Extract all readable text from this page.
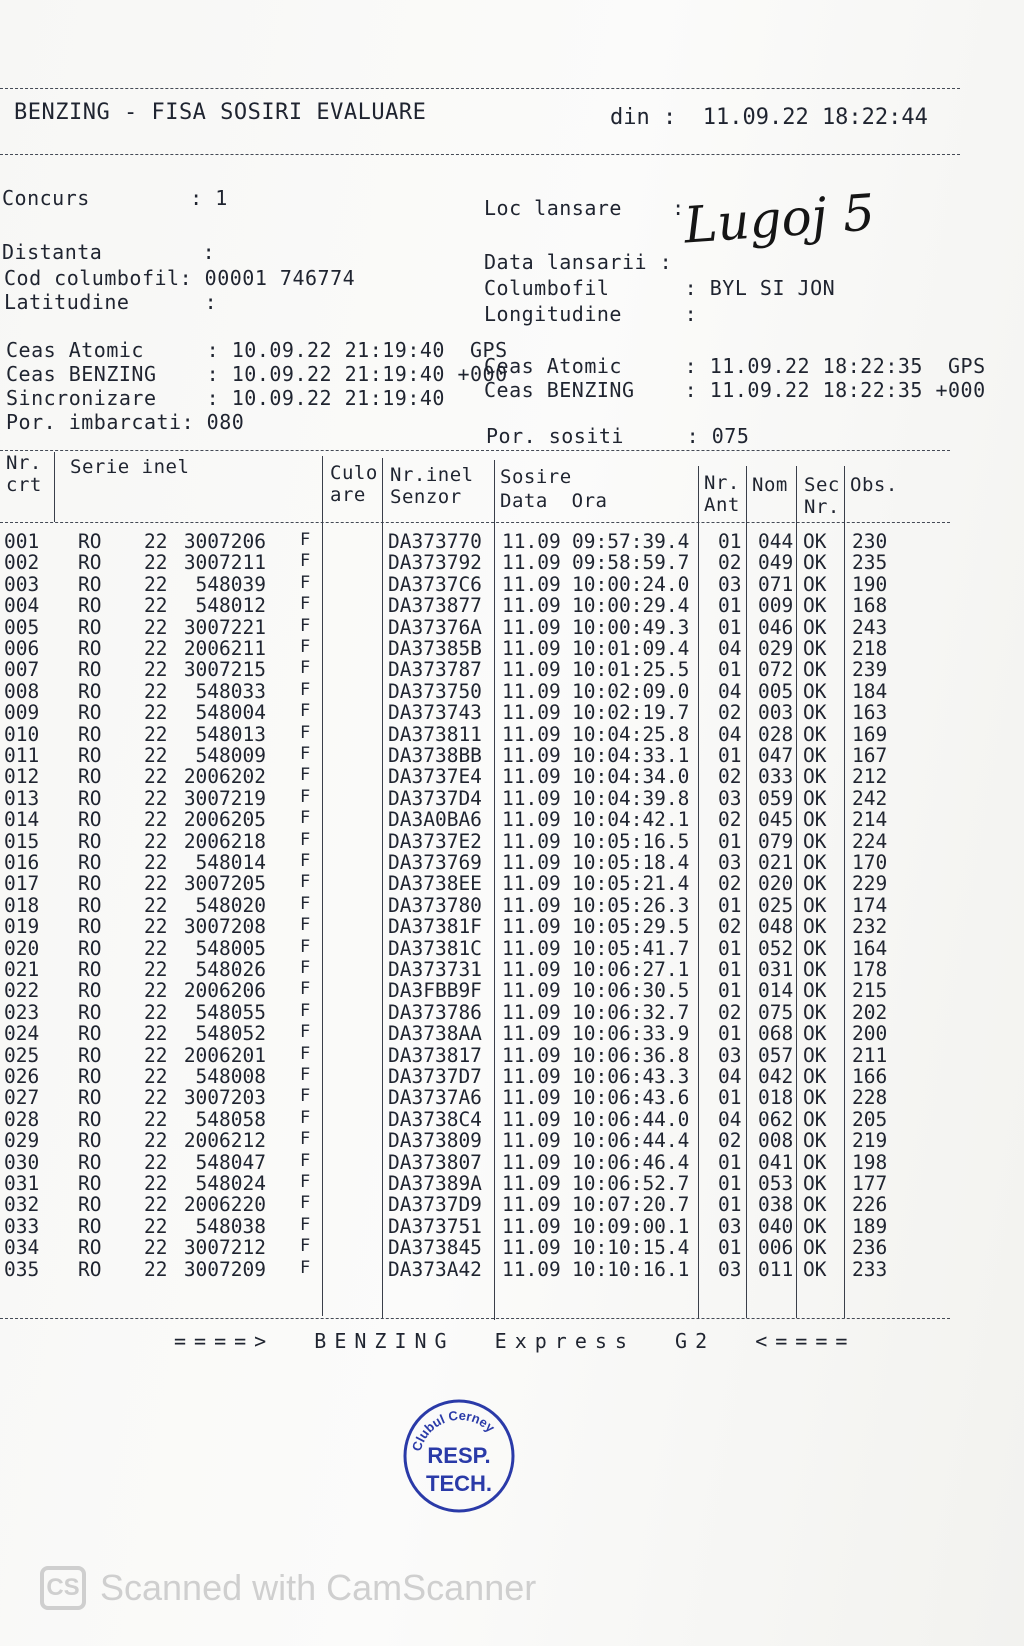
BENZING - FISA SOSIRI EVALUARE	din : 11.09.22 18:22:44
Concurs        : 1
Distanta        :
Cod columbofil: 00001 746774
Latitudine      :
Ceas Atomic     : 10.09.22 21:19:40  GPS
Ceas BENZING    : 10.09.22 21:19:40 +000
Sincronizare    : 10.09.22 21:19:40
Por. imbarcati: 080
Loc lansare    :
Lugoj 5
Data lansarii :
Columbofil      : BYL SI JON
Longitudine     :
Ceas Atomic     : 11.09.22 18:22:35  GPS
Ceas BENZING    : 11.09.22 18:22:35 +000
Por. sositi     : 075
Nr.
crt
Serie inel	Culo
are
Nr.inel
Senzor
Sosire
Data  Ora
Nr.
Ant
Nom Sec
Nr.
Obs.
001 RO 22 3007206 F	DA373770 11.09 09:57:39.4 01 044 OK 230
002 RO 22 3007211 F	DA373792 11.09 09:58:59.7 02 049 OK 235
003 RO 22	548039 F	DA3737C6 11.09 10:00:24.0 03 071 OK 190
004 RO 22	548012 F	DA373877 11.09 10:00:29.4 01 009 OK 168
005 RO 22 3007221 F	DA37376A 11.09 10:00:49.3 01 046 OK 243
006 RO 22 2006211 F	DA37385B 11.09 10:01:09.4 04 029 OK 218
007 RO 22 3007215 F	DA373787 11.09 10:01:25.5 01 072 OK 239
008 RO 22	548033 F	DA373750 11.09 10:02:09.0 04 005 OK 184
009 RO 22	548004 F	DA373743 11.09 10:02:19.7 02 003 OK 163
010 RO 22	548013 F	DA373811 11.09 10:04:25.8 04 028 OK 169
011 RO 22	548009 F	DA3738BB 11.09 10:04:33.1 01 047 OK 167
012 RO 22 2006202 F	DA3737E4 11.09 10:04:34.0 02 033 OK 212
013 RO 22 3007219 F	DA3737D4 11.09 10:04:39.8 03 059 OK 242
014 RO 22 2006205 F	DA3A0BA6 11.09 10:04:42.1 02 045 OK 214
015 RO 22 2006218 F	DA3737E2 11.09 10:05:16.5 01 079 OK 224
016 RO 22	548014 F	DA373769 11.09 10:05:18.4 03 021 OK 170
017 RO 22 3007205 F	DA3738EE 11.09 10:05:21.4 02 020 OK 229
018 RO 22	548020 F	DA373780 11.09 10:05:26.3 01 025 OK 174
019 RO 22 3007208 F	DA37381F 11.09 10:05:29.5 02 048 OK 232
020 RO 22	548005 F	DA37381C 11.09 10:05:41.7 01 052 OK 164
021 RO 22	548026 F	DA373731 11.09 10:06:27.1 01 031 OK 178
022 RO 22 2006206 F	DA3FBB9F 11.09 10:06:30.5 01 014 OK 215
023 RO 22	548055 F	DA373786 11.09 10:06:32.7 02 075 OK 202
024 RO 22	548052 F	DA3738AA 11.09 10:06:33.9 01 068 OK 200
025 RO 22 2006201 F	DA373817 11.09 10:06:36.8 03 057 OK 211
026 RO 22	548008 F	DA3737D7 11.09 10:06:43.3 04 042 OK 166
027 RO 22 3007203 F	DA3737A6 11.09 10:06:43.6 01 018 OK 228
028 RO 22	548058 F	DA3738C4 11.09 10:06:44.0 04 062 OK 205
029 RO 22 2006212 F	DA373809 11.09 10:06:44.4 02 008 OK 219
030 RO 22	548047 F	DA373807 11.09 10:06:46.4 01 041 OK 198
031 RO 22	548024 F	DA37389A 11.09 10:06:52.7 01 053 OK 177
032 RO 22 2006220 F	DA3737D9 11.09 10:07:20.7 01 038 OK 226
033 RO 22	548038 F	DA373751 11.09 10:09:00.1 03 040 OK 189
034 RO 22 3007212 F	DA373845 11.09 10:10:15.4 01 006 OK 236
035 RO 22 3007209 F	DA373A42 11.09 10:10:16.1 03 011 OK 233
====>  BENZING  Express  G2  <====
Clubul Cerney
RESP.
TECH.
CS Scanned with CamScanner
